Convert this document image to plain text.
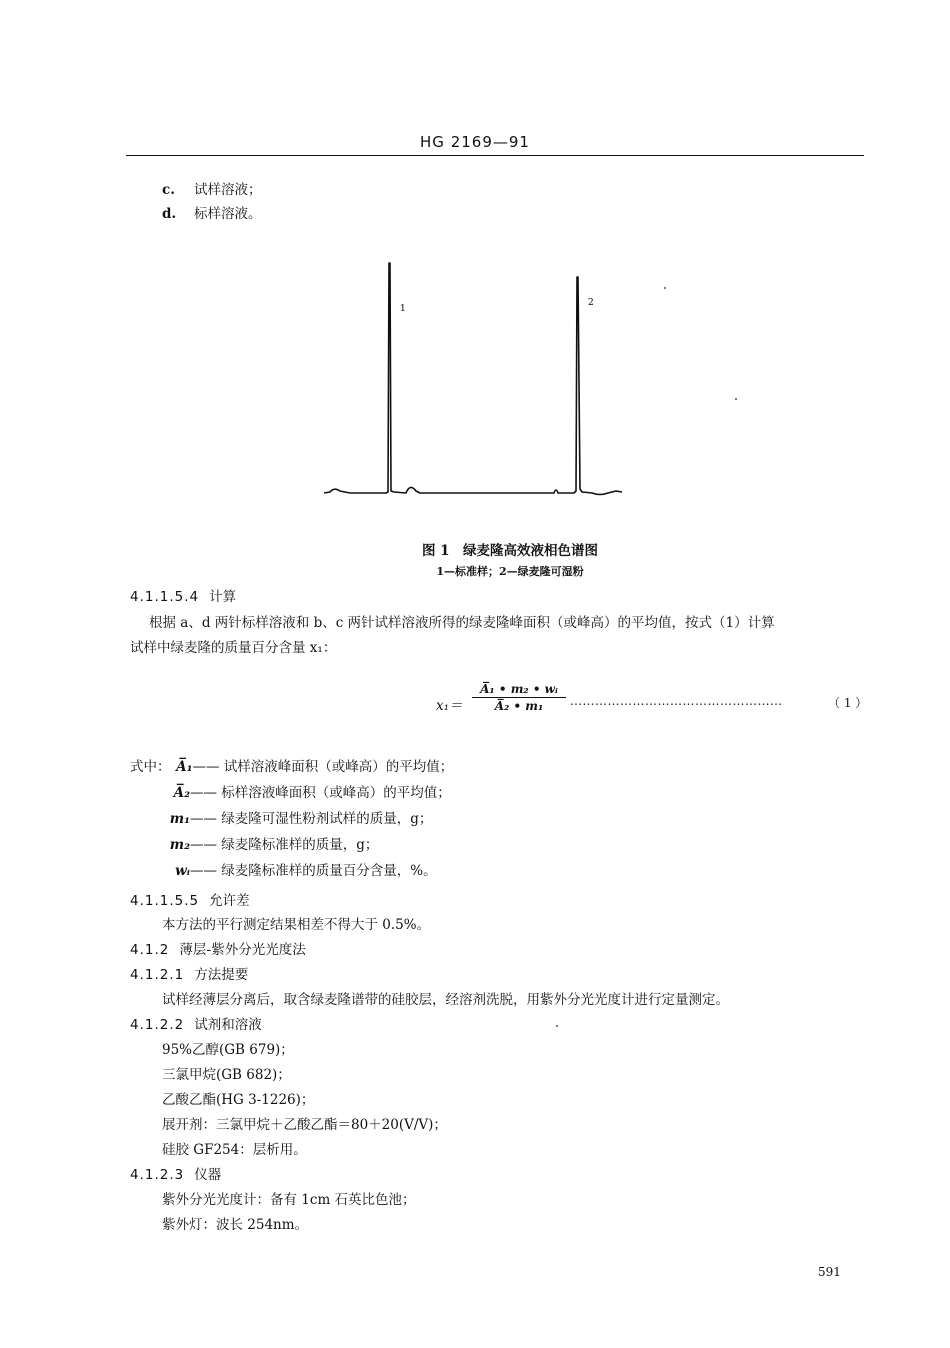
HG 2169—91
c. 试样溶液；
d. 标样溶液。
1
2
图 1　绿麦隆高效液相色谱图
1—标准样；2—绿麦隆可湿粉
4.1.1.5.4 计算
根据 a、d 两针标样溶液和 b、c 两针试样溶液所得的绿麦隆峰面积（或峰高）的平均值，按式（1）计算
试样中绿麦隆的质量百分含量 x₁：
$x_1= \frac{\text{A̅₁ • m₂ • wᵢ}}{\text{A̅₂ • m₁}}$ ……………………………………………	（ 1 ）
式中： A̅₁—— 试样溶液峰面积（或峰高）的平均值；
A̅₂—— 标样溶液峰面积（或峰高）的平均值；
m₁—— 绿麦隆可湿性粉剂试样的质量，g；
m₂—— 绿麦隆标准样的质量，g；
wᵢ—— 绿麦隆标准样的质量百分含量，%。
4.1.1.5.5 允许差
本方法的平行测定结果相差不得大于 0.5%。
4.1.2 薄层-紫外分光光度法
4.1.2.1 方法提要
试样经薄层分离后，取含绿麦隆谱带的硅胶层，经溶剂洗脱，用紫外分光光度计进行定量测定。
4.1.2.2 试剂和溶液
95%乙醇(GB 679)；
三氯甲烷(GB 682)；
乙酸乙酯(HG 3-1226)；
展开剂：三氯甲烷＋乙酸乙酯＝80＋20(V/V)；
硅胶 GF254：层析用。
4.1.2.3 仪器
紫外分光光度计：备有 1cm 石英比色池；
紫外灯：波长 254nm。
591
